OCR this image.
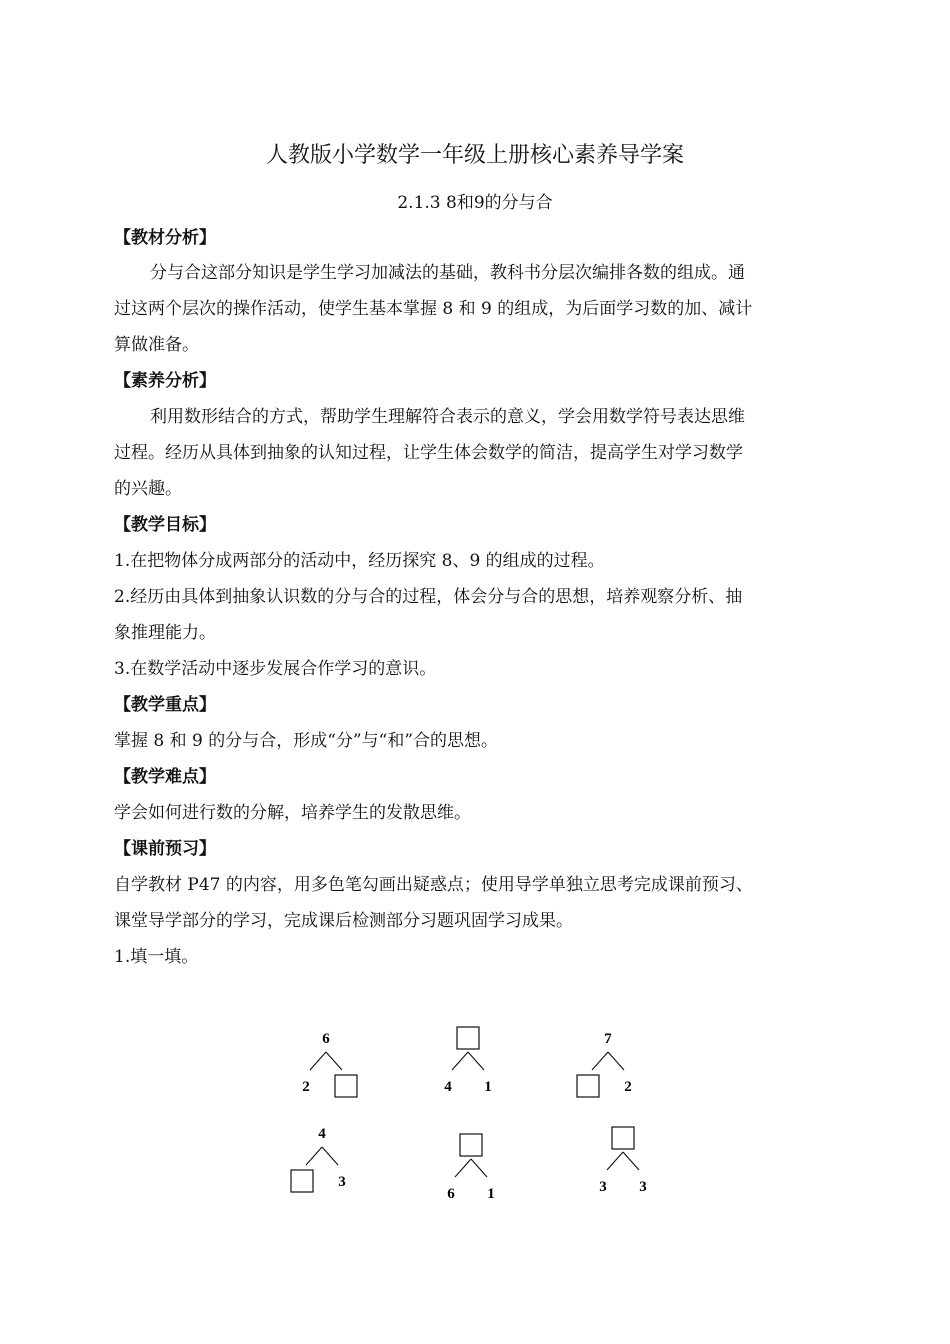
人教版小学数学一年级上册核心素养导学案
2.1.3 8和9的分与合
【教材分析】
分与合这部分知识是学生学习加减法的基础，教科书分层次编排各数的组成。通
过这两个层次的操作活动，使学生基本掌握 8 和 9 的组成，为后面学习数的加、减计
算做准备。
【素养分析】
利用数形结合的方式，帮助学生理解符合表示的意义，学会用数学符号表达思维
过程。经历从具体到抽象的认知过程，让学生体会数学的简洁，提高学生对学习数学
的兴趣。
【教学目标】
1.在把物体分成两部分的活动中，经历探究 8、9 的组成的过程。
2.经历由具体到抽象认识数的分与合的过程，体会分与合的思想，培养观察分析、抽
象推理能力。
3.在数学活动中逐步发展合作学习的意识。
【教学重点】
掌握 8 和 9 的分与合，形成“分”与“和”合的思想。
【教学难点】
学会如何进行数的分解，培养学生的发散思维。
【课前预习】
自学教材 P47 的内容，用多色笔勾画出疑惑点；使用导学单独立思考完成课前预习、
课堂导学部分的学习，完成课后检测部分习题巩固学习成果。
1.填一填。
6
2	4 1
7
2
4
3
6 1	3 3
